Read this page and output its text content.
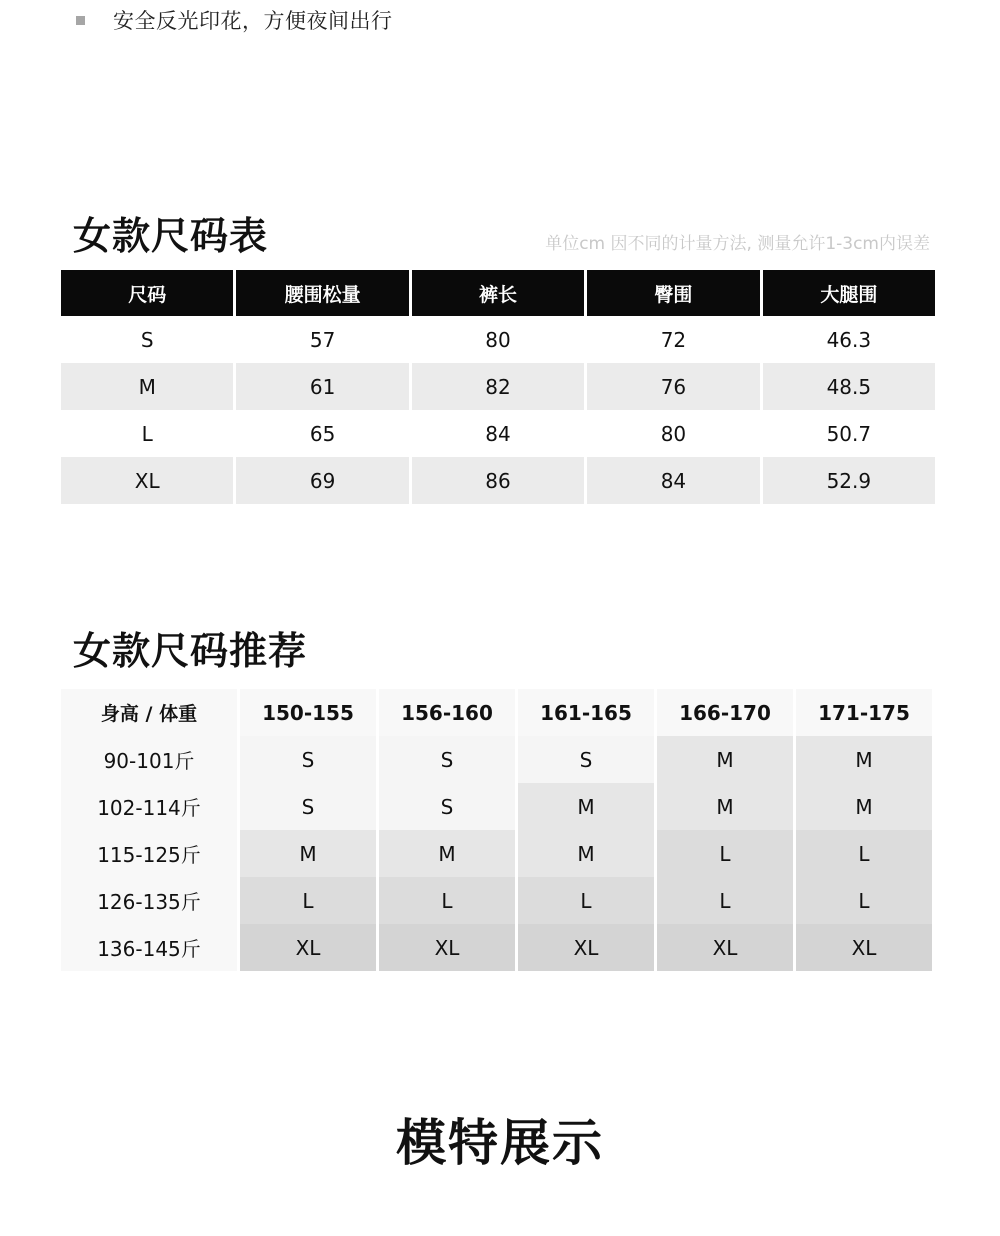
安全反光印花，方便夜间出行
女款尺码表	单位cm 因不同的计量方法, 测量允许1-3cm内误差
尺码	腰围松量	裤长	臀围	大腿围
S	57	80	72	46.3
M	61	82	76	48.5
L	65	84	80	50.7
XL	69	86	84	52.9
女款尺码推荐
身高 / 体重	150-155	156-160	161-165	166-170	171-175
90-101斤	S	S	S	M	M
102-114斤	S	S	M	M	M
115-125斤	M	M	M	L	L
126-135斤	L	L	L	L	L
136-145斤	XL	XL	XL	XL	XL
模特展示
